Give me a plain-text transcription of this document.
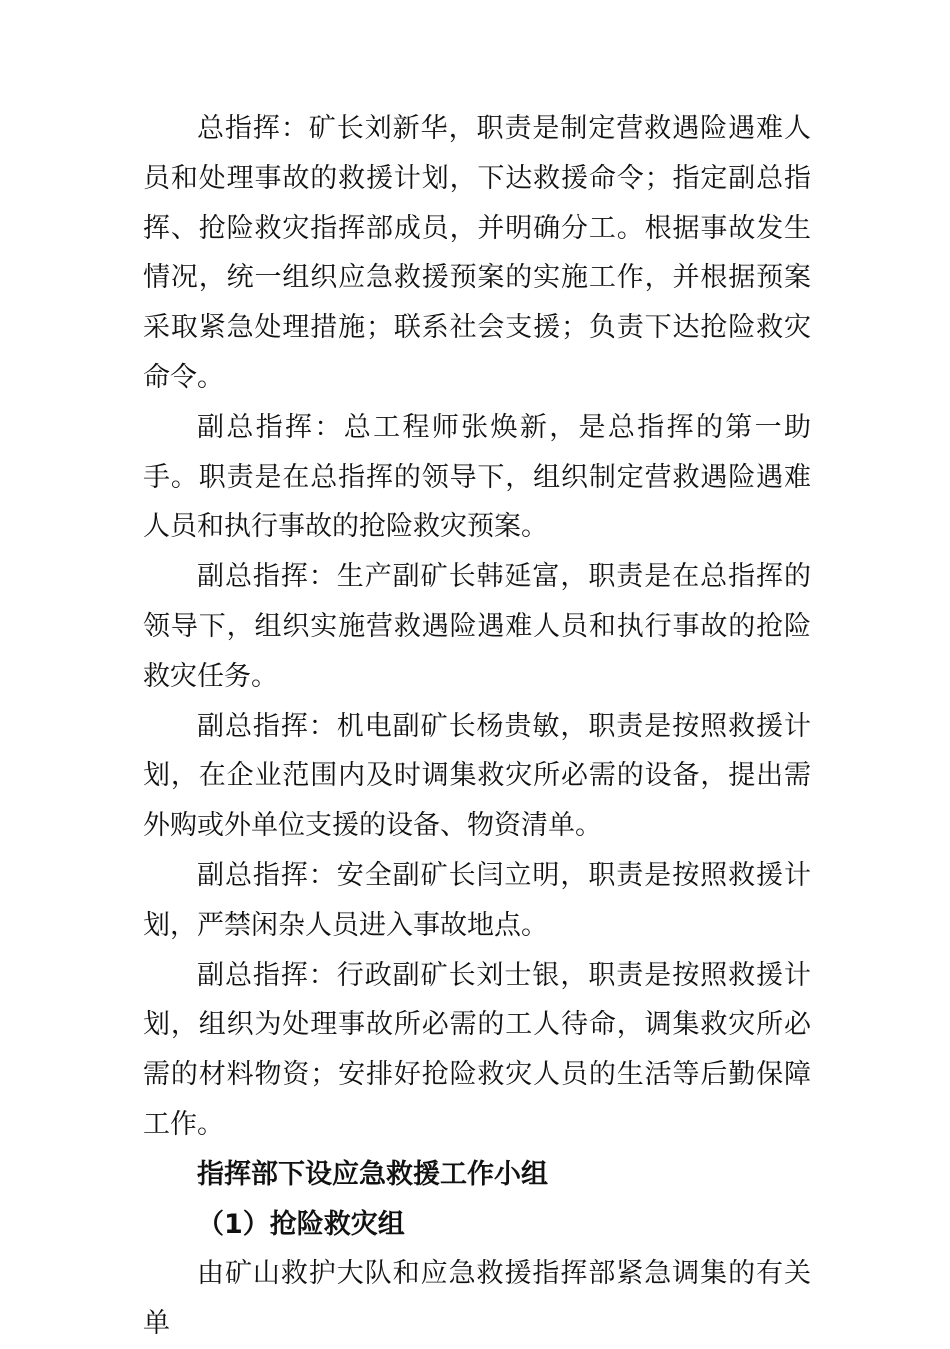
总指挥：矿长刘新华，职责是制定营救遇险遇难人员和处理事故的救援计划，下达救援命令；指定副总指挥、抢险救灾指挥部成员，并明确分工。根据事故发生情况，统一组织应急救援预案的实施工作，并根据预案采取紧急处理措施；联系社会支援；负责下达抢险救灾命令。

副总指挥：总工程师张焕新，是总指挥的第一助手。职责是在总指挥的领导下，组织制定营救遇险遇难人员和执行事故的抢险救灾预案。

副总指挥：生产副矿长韩延富，职责是在总指挥的领导下，组织实施营救遇险遇难人员和执行事故的抢险救灾任务。

副总指挥：机电副矿长杨贵敏，职责是按照救援计划，在企业范围内及时调集救灾所必需的设备，提出需外购或外单位支援的设备、物资清单。

副总指挥：安全副矿长闫立明，职责是按照救援计划，严禁闲杂人员进入事故地点。

副总指挥：行政副矿长刘士银，职责是按照救援计划，组织为处理事故所必需的工人待命，调集救灾所必需的材料物资；安排好抢险救灾人员的生活等后勤保障工作。

指挥部下设应急救援工作小组

（1）抢险救灾组

由矿山救护大队和应急救援指挥部紧急调集的有关单
